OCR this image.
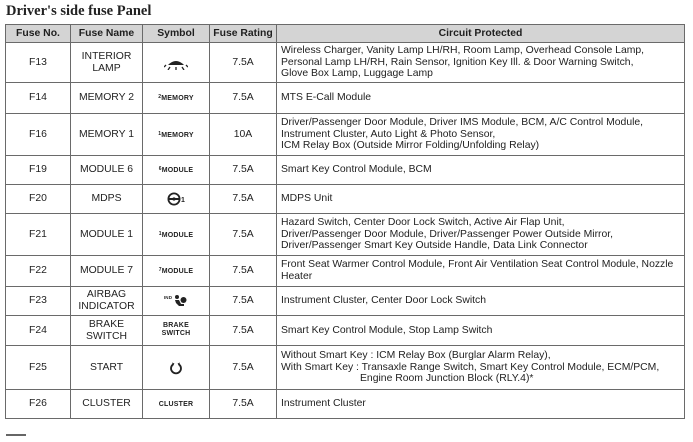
Driver's side fuse Panel
Fuse No.	Fuse Name	Symbol	Fuse Rating	Circuit Protected
F13	INTERIOR LAMP		7.5A	Wireless Charger, Vanity Lamp LH/RH, Room Lamp, Overhead Console Lamp,
Personal Lamp LH/RH, Rain Sensor, Ignition Key Ill. & Door Warning Switch,
Glove Box Lamp, Luggage Lamp

F14	MEMORY 2	$^2$MEMORY	7.5A	MTS E-Call Module

F16	MEMORY 1	$^1$MEMORY	10A	Driver/Passenger Door Module, Driver IMS Module, BCM, A/C Control Module,
Instrument Cluster, Auto Light & Photo Sensor,
ICM Relay Box (Outside Mirror Folding/Unfolding Relay)

F19	MODULE 6	$^6$MODULE	7.5A	Smart Key Control Module, BCM

F20	MDPS	1	7.5A	MDPS Unit

F21	MODULE 1	$^1$MODULE	7.5A	Hazard Switch, Center Door Lock Switch, Active Air Flap Unit,
Driver/Passenger Door Module, Driver/Passenger Power Outside Mirror,
Driver/Passenger Smart Key Outside Handle, Data Link Connector

F22	MODULE 7	$^7$MODULE	7.5A	Front Seat Warmer Control Module, Front Air Ventilation Seat Control Module, Nozzle
Heater

F23	AIRBAG INDICATOR	$^{IND}$	7.5A	Instrument Cluster, Center Door Lock Switch

F24	BRAKE SWITCH	BRAKE SWITCH	7.5A	Smart Key Control Module, Stop Lamp Switch

F25	START		7.5A	Without Smart Key : ICM Relay Box (Burglar Alarm Relay),
With Smart Key : Transaxle Range Switch, Smart Key Control Module, ECM/PCM,
Engine Room Junction Block (RLY.4)*

F26	CLUSTER	CLUSTER	7.5A	Instrument Cluster
